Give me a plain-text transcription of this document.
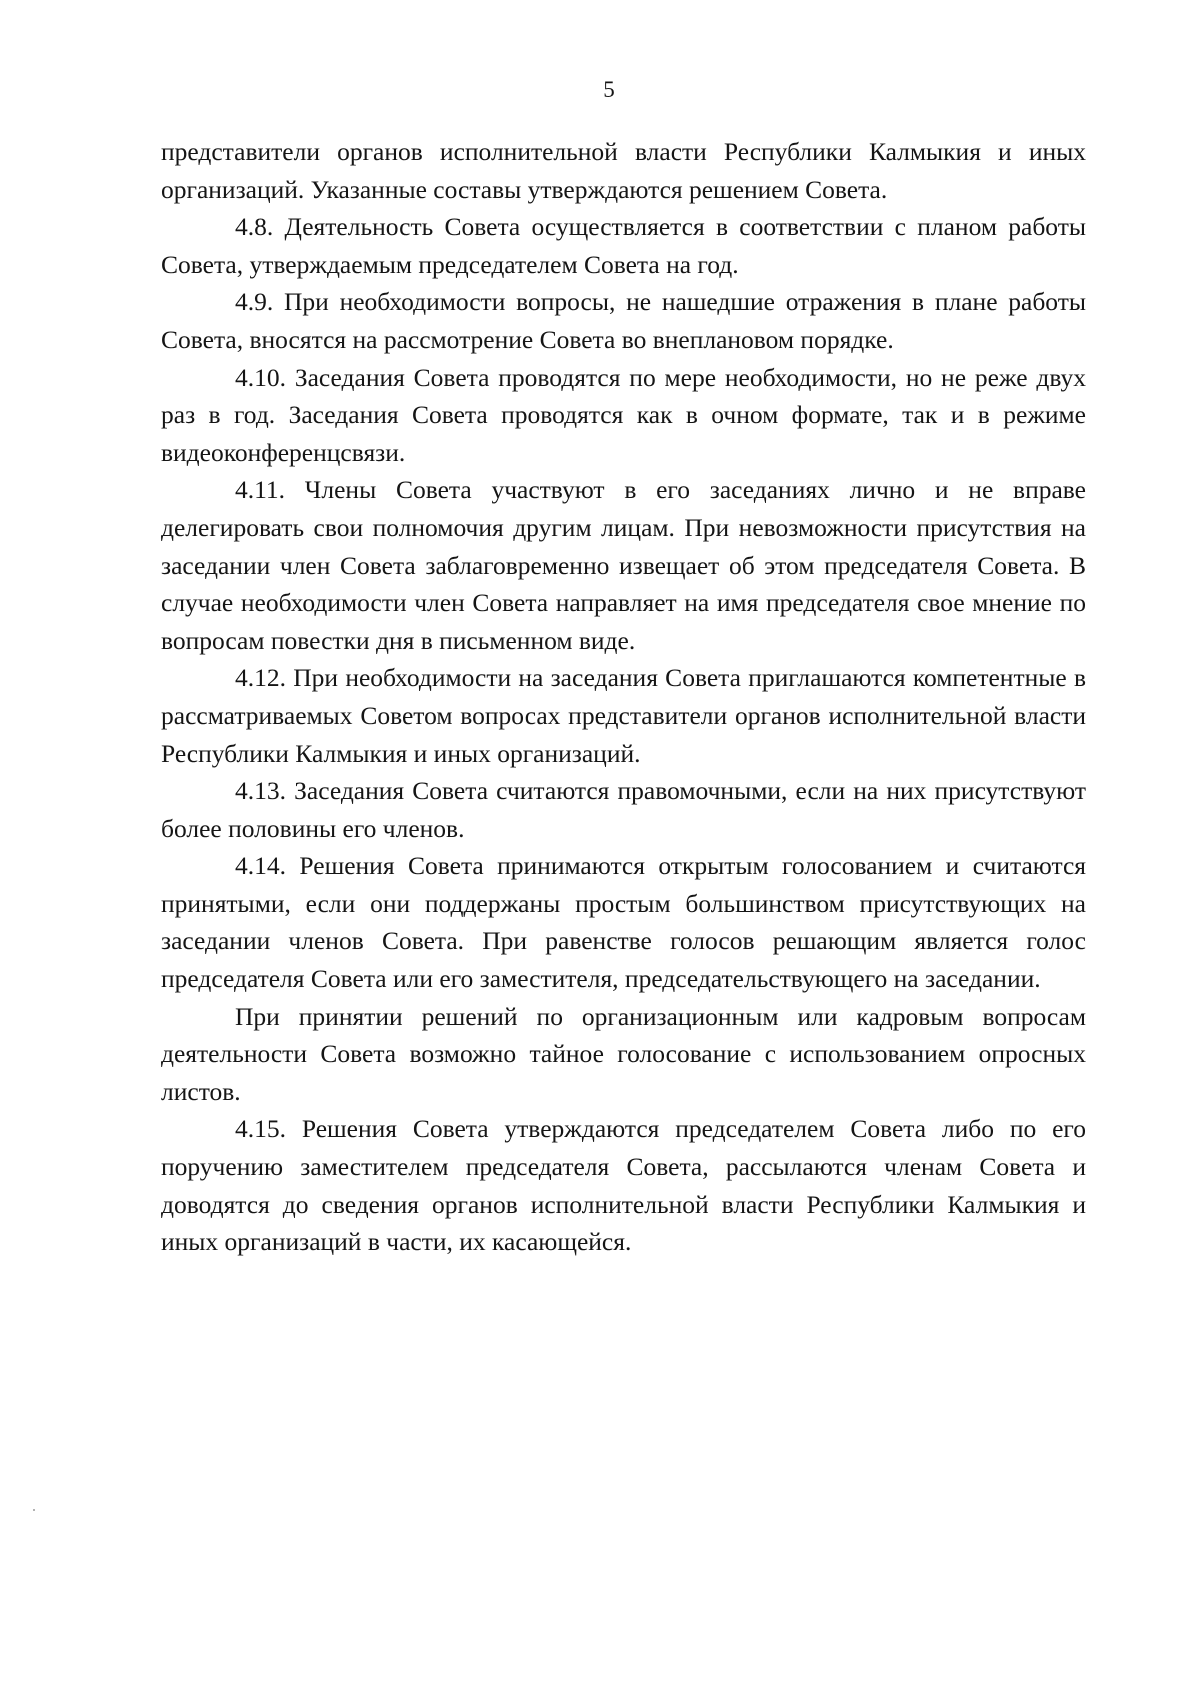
5

представители органов исполнительной власти Республики Калмыкия и иных организаций. Указанные составы утверждаются решением Совета.

4.8. Деятельность Совета осуществляется в соответствии с планом работы Совета, утверждаемым председателем Совета на год.

4.9. При необходимости вопросы, не нашедшие отражения в плане работы Совета, вносятся на рассмотрение Совета во внеплановом порядке.

4.10. Заседания Совета проводятся по мере необходимости, но не реже двух раз в год. Заседания Совета проводятся как в очном формате, так и в режиме видеоконференцсвязи.

4.11. Члены Совета участвуют в его заседаниях лично и не вправе делегировать свои полномочия другим лицам. При невозможности присутствия на заседании член Совета заблаговременно извещает об этом председателя Совета. В случае необходимости член Совета направляет на имя председателя свое мнение по вопросам повестки дня в письменном виде.

4.12. При необходимости на заседания Совета приглашаются компетентные в рассматриваемых Советом вопросах представители органов исполнительной власти Республики Калмыкия и иных организаций.

4.13. Заседания Совета считаются правомочными, если на них присутствуют более половины его членов.

4.14. Решения Совета принимаются открытым голосованием и считаются принятыми, если они поддержаны простым большинством присутствующих на заседании членов Совета. При равенстве голосов решающим является голос председателя Совета или его заместителя, председательствующего на заседании.

При принятии решений по организационным или кадровым вопросам деятельности Совета возможно тайное голосование с использованием опросных листов.

4.15. Решения Совета утверждаются председателем Совета либо по его поручению заместителем председателя Совета, рассылаются членам Совета и доводятся до сведения органов исполнительной власти Республики Калмыкия и иных организаций в части, их касающейся.
